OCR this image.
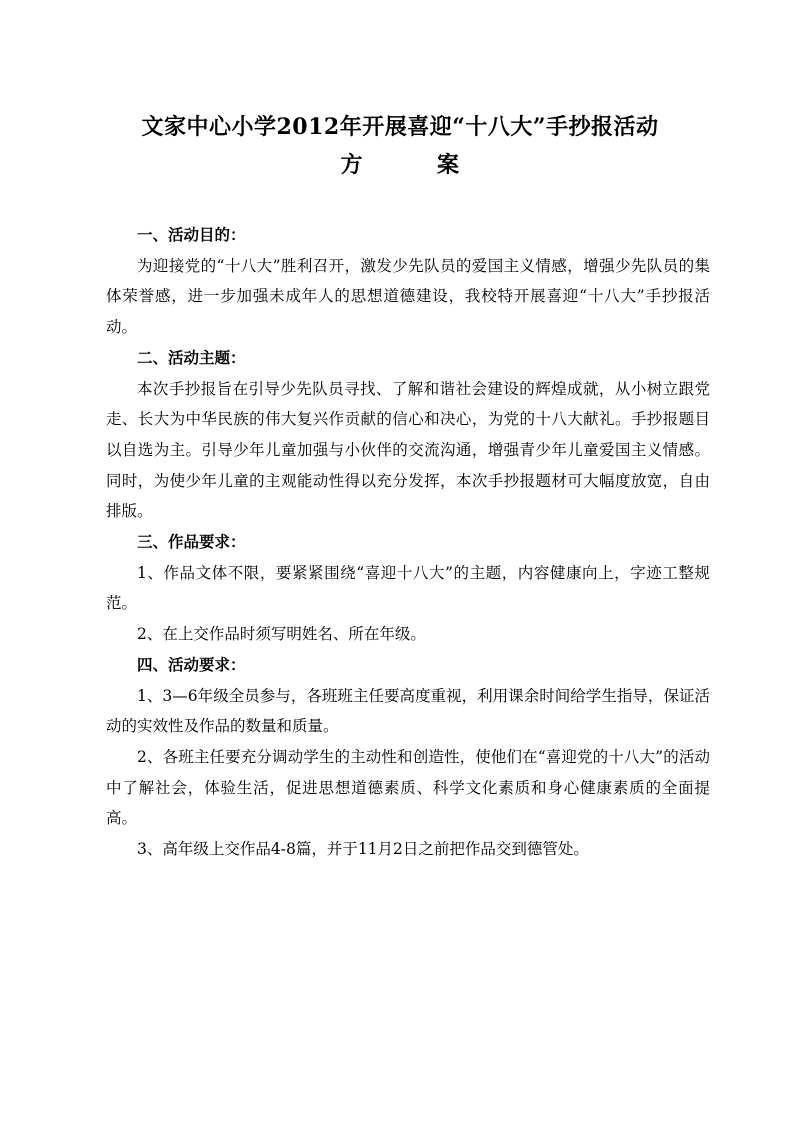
文家中心小学2012年开展喜迎“十八大”手抄报活动
方	案

一、活动目的：

为迎接党的“十八大”胜利召开，激发少先队员的爱国主义情感，增强少先队员的集体荣誉感，进一步加强未成年人的思想道德建设，我校特开展喜迎“十八大”手抄报活动。

二、活动主题：

本次手抄报旨在引导少先队员寻找、了解和谐社会建设的辉煌成就，从小树立跟党走、长大为中华民族的伟大复兴作贡献的信心和决心，为党的十八大献礼。手抄报题目以自选为主。引导少年儿童加强与小伙伴的交流沟通，增强青少年儿童爱国主义情感。同时，为使少年儿童的主观能动性得以充分发挥，本次手抄报题材可大幅度放宽，自由排版。

三、作品要求：

1、作品文体不限，要紧紧围绕“喜迎十八大”的主题，内容健康向上，字迹工整规范。

2、在上交作品时须写明姓名、所在年级。

四、活动要求：

1、3—6年级全员参与，各班班主任要高度重视，利用课余时间给学生指导，保证活动的实效性及作品的数量和质量。

2、各班主任要充分调动学生的主动性和创造性，使他们在“喜迎党的十八大”的活动中了解社会，体验生活，促进思想道德素质、科学文化素质和身心健康素质的全面提高。

3、高年级上交作品4-8篇，并于11月2日之前把作品交到德管处。
